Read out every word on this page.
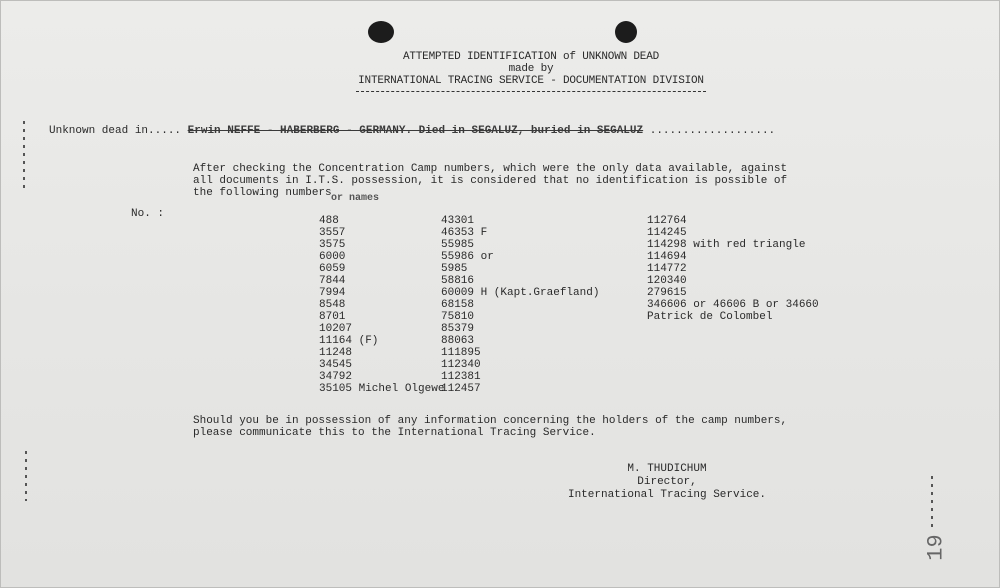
ATTEMPTED IDENTIFICATION of UNKNOWN DEAD
made by
INTERNATIONAL TRACING SERVICE - DOCUMENTATION DIVISION
Unknown dead in..... Erwin NEFFE - HABERBERG - GERMANY. Died in SEGALUZ, buried in SEGALUZ ...................
After checking the Concentration Camp numbers, which were the only data available, against all documents in I.T.S. possession, it is considered that no identification is possible of the following numbers or names
No. :
488
3557
3575
6000
6059
7844
7994
8548
8701
10207
11164 (F)
11248
34545
34792
35105 Michel Olgewe
43301
46353 F
55985
55986 or
5985
58816
60009 H (Kapt.Graefland)
68158
75810
85379
88063
111895
112340
112381
112457
112764
114245
114298 with red triangle
114694
114772
120340
279615
346606 or 46606 B or 34660
Patrick de Colombel
Should you be in possession of any information concerning the holders of the camp numbers, please communicate this to the International Tracing Service.
M. THUDICHUM
Director,
International Tracing Service.
19
